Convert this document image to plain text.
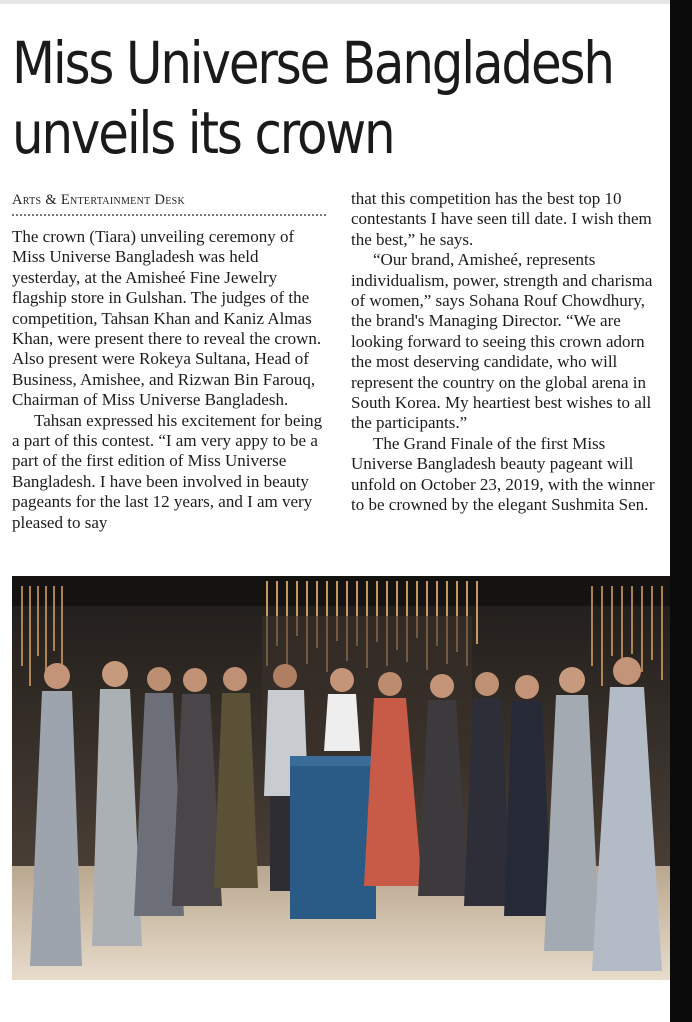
Miss Universe Bangladesh
unveils its crown
Arts & Entertainment Desk

The crown (Tiara) unveiling ceremony of Miss Universe Bangladesh was held yesterday, at the Amisheé Fine Jewelry flagship store in Gulshan. The judges of the competition, Tahsan Khan and Kaniz Almas Khan, were present there to reveal the crown. Also present were Rokeya Sultana, Head of Business, Amishee, and Rizwan Bin Farouq, Chairman of Miss Universe Bangladesh.

Tahsan expressed his excitement for being a part of this contest. “I am very appy to be a part of the first edition of Miss Universe Bangladesh. I have been involved in beauty pageants for the last 12 years, and I am very pleased to say

that this competition has the best top 10 contestants I have seen till date. I wish them the best,” he says.

“Our brand, Amisheé, represents individualism, power, strength and charisma of women,” says Sohana Rouf Chowdhury, the brand's Managing Director. “We are looking forward to seeing this crown adorn the most deserving candidate, who will represent the country on the global arena in South Korea. My heartiest best wishes to all the participants.”

The Grand Finale of the first Miss Universe Bangladesh beauty pageant will unfold on October 23, 2019, with the winner to be crowned by the elegant Sushmita Sen.
